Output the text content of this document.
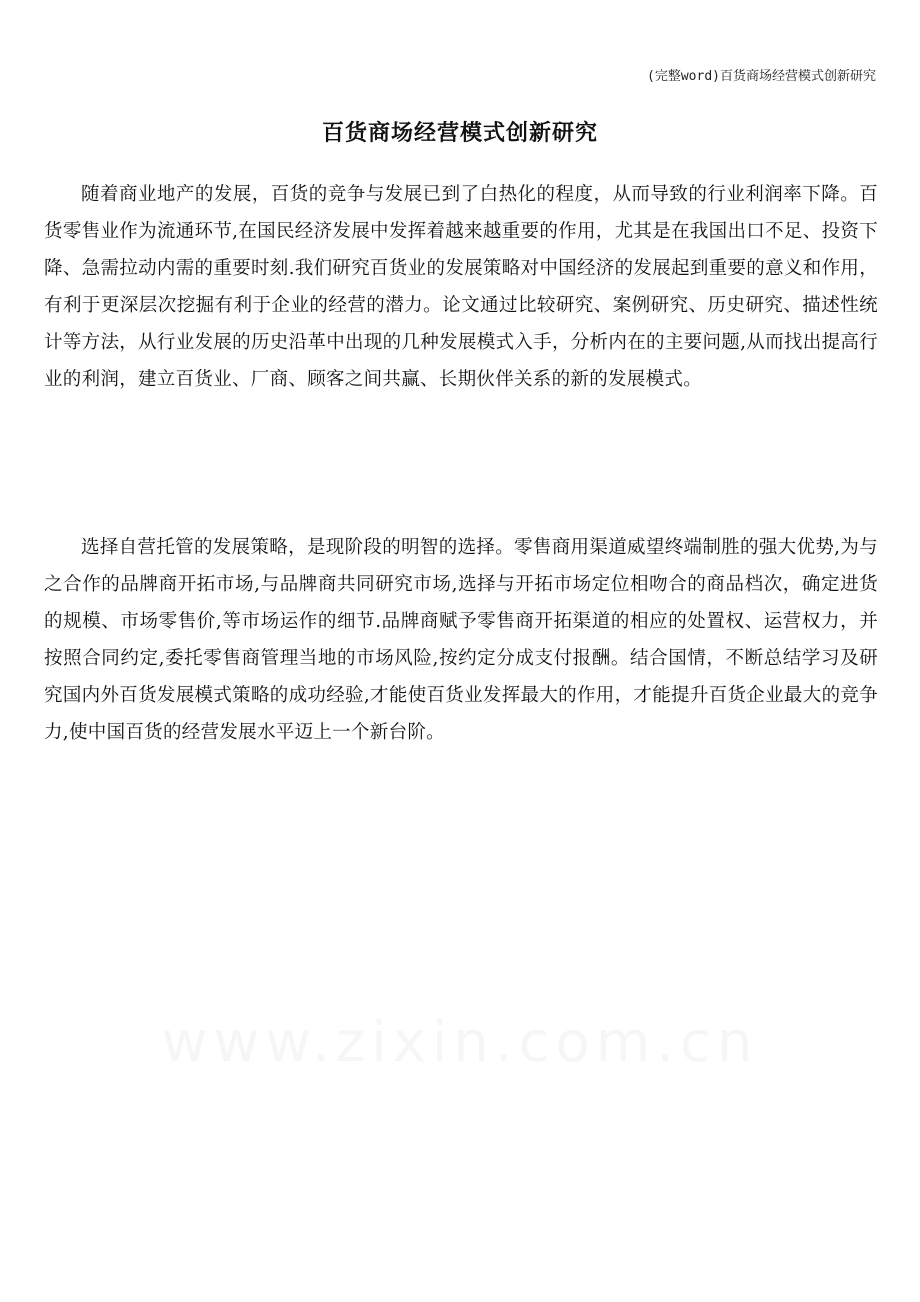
(完整word)百货商场经营模式创新研究
百货商场经营模式创新研究

随着商业地产的发展，百货的竞争与发展已到了白热化的程度，从而导致的行业利润率下降。百货零售业作为流通环节,在国民经济发展中发挥着越来越重要的作用，尤其是在我国出口不足、投资下降、急需拉动内需的重要时刻.我们研究百货业的发展策略对中国经济的发展起到重要的意义和作用，有利于更深层次挖掘有利于企业的经营的潜力。论文通过比较研究、案例研究、历史研究、描述性统计等方法，从行业发展的历史沿革中出现的几种发展模式入手，分析内在的主要问题,从而找出提高行业的利润，建立百货业、厂商、顾客之间共赢、长期伙伴关系的新的发展模式。

选择自营托管的发展策略，是现阶段的明智的选择。零售商用渠道威望终端制胜的强大优势,为与之合作的品牌商开拓市场,与品牌商共同研究市场,选择与开拓市场定位相吻合的商品档次，确定进货的规模、市场零售价,等市场运作的细节.品牌商赋予零售商开拓渠道的相应的处置权、运营权力，并按照合同约定,委托零售商管理当地的市场风险,按约定分成支付报酬。结合国情，不断总结学习及研究国内外百货发展模式策略的成功经验,才能使百货业发挥最大的作用，才能提升百货企业最大的竞争力,使中国百货的经营发展水平迈上一个新台阶。
